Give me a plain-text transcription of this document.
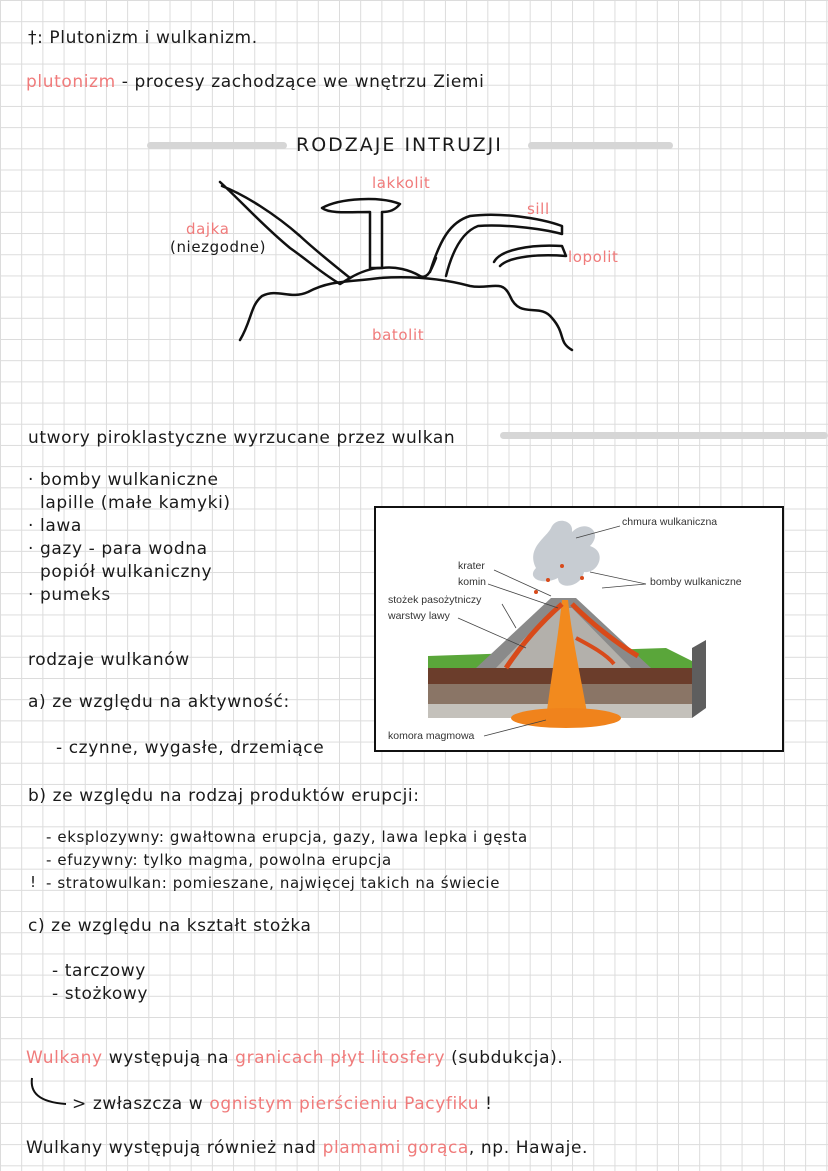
†: Plutonizm i wulkanizm.
plutonizm - procesy zachodzące we wnętrzu Ziemi
RODZAJE INTRUZJI
lakkolit
sill
dajka
(niezgodne)
lopolit
batolit
utwory piroklastyczne wyrzucane przez wulkan
· bomby wulkaniczne
lapille (małe kamyki)
· lawa
· gazy - para wodna
popiół wulkaniczny
· pumeks
chmura wulkaniczna
krater
komin
stożek pasożytniczy
warstwy lawy
bomby wulkaniczne
komora magmowa
rodzaje wulkanów
a) ze względu na aktywność:
- czynne, wygasłe, drzemiące
b) ze względu na rodzaj produktów erupcji:
- eksplozywny: gwałtowna erupcja, gazy, lawa lepka i gęsta
- efuzywny: tylko magma, powolna erupcja
! - stratowulkan: pomieszane, najwięcej takich na świecie
c) ze względu na kształt stożka
- tarczowy
- stożkowy
Wulkany występują na granicach płyt litosfery (subdukcja).
> zwłaszcza w ognistym pierścieniu Pacyfiku !
Wulkany występują również nad plamami gorąca, np. Hawaje.
